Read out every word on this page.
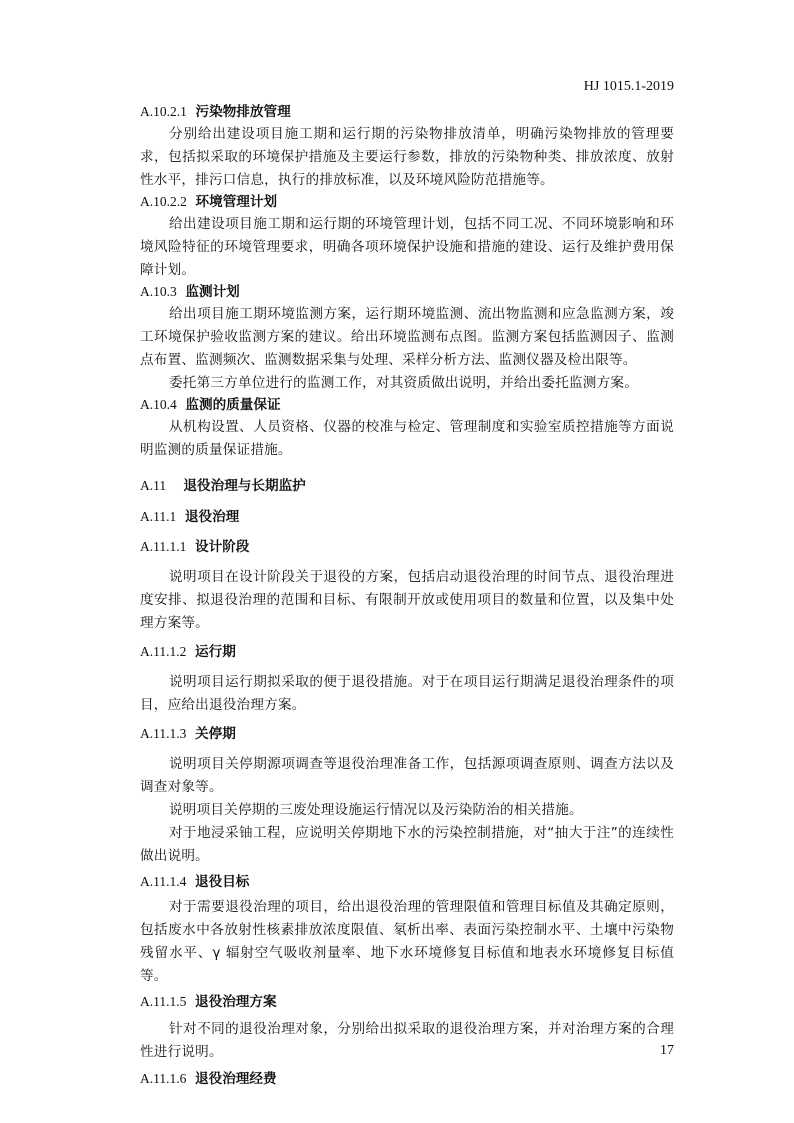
HJ 1015.1-2019
A.10.2.1 污染物排放管理

分别给出建设项目施工期和运行期的污染物排放清单，明确污染物排放的管理要求，包括拟采取的环境保护措施及主要运行参数，排放的污染物种类、排放浓度、放射性水平，排污口信息，执行的排放标准，以及环境风险防范措施等。

A.10.2.2 环境管理计划

给出建设项目施工期和运行期的环境管理计划，包括不同工况、不同环境影响和环境风险特征的环境管理要求，明确各项环境保护设施和措施的建设、运行及维护费用保障计划。

A.10.3 监测计划

给出项目施工期环境监测方案，运行期环境监测、流出物监测和应急监测方案，竣工环境保护验收监测方案的建议。给出环境监测布点图。监测方案包括监测因子、监测点布置、监测频次、监测数据采集与处理、采样分析方法、监测仪器及检出限等。

委托第三方单位进行的监测工作，对其资质做出说明，并给出委托监测方案。

A.10.4 监测的质量保证

从机构设置、人员资格、仪器的校准与检定、管理制度和实验室质控措施等方面说明监测的质量保证措施。

A.11 退役治理与长期监护
A.11.1 退役治理
A.11.1.1 设计阶段

说明项目在设计阶段关于退役的方案，包括启动退役治理的时间节点、退役治理进度安排、拟退役治理的范围和目标、有限制开放或使用项目的数量和位置，以及集中处理方案等。

A.11.1.2 运行期

说明项目运行期拟采取的便于退役措施。对于在项目运行期满足退役治理条件的项目，应给出退役治理方案。

A.11.1.3 关停期

说明项目关停期源项调查等退役治理准备工作，包括源项调查原则、调查方法以及调查对象等。

说明项目关停期的三废处理设施运行情况以及污染防治的相关措施。

对于地浸采铀工程，应说明关停期地下水的污染控制措施，对“抽大于注”的连续性做出说明。

A.11.1.4 退役目标

对于需要退役治理的项目，给出退役治理的管理限值和管理目标值及其确定原则，包括废水中各放射性核素排放浓度限值、氡析出率、表面污染控制水平、土壤中污染物残留水平、γ 辐射空气吸收剂量率、地下水环境修复目标值和地表水环境修复目标值等。

A.11.1.5 退役治理方案

针对不同的退役治理对象，分别给出拟采取的退役治理方案，并对治理方案的合理性进行说明。

A.11.1.6 退役治理经费
17
